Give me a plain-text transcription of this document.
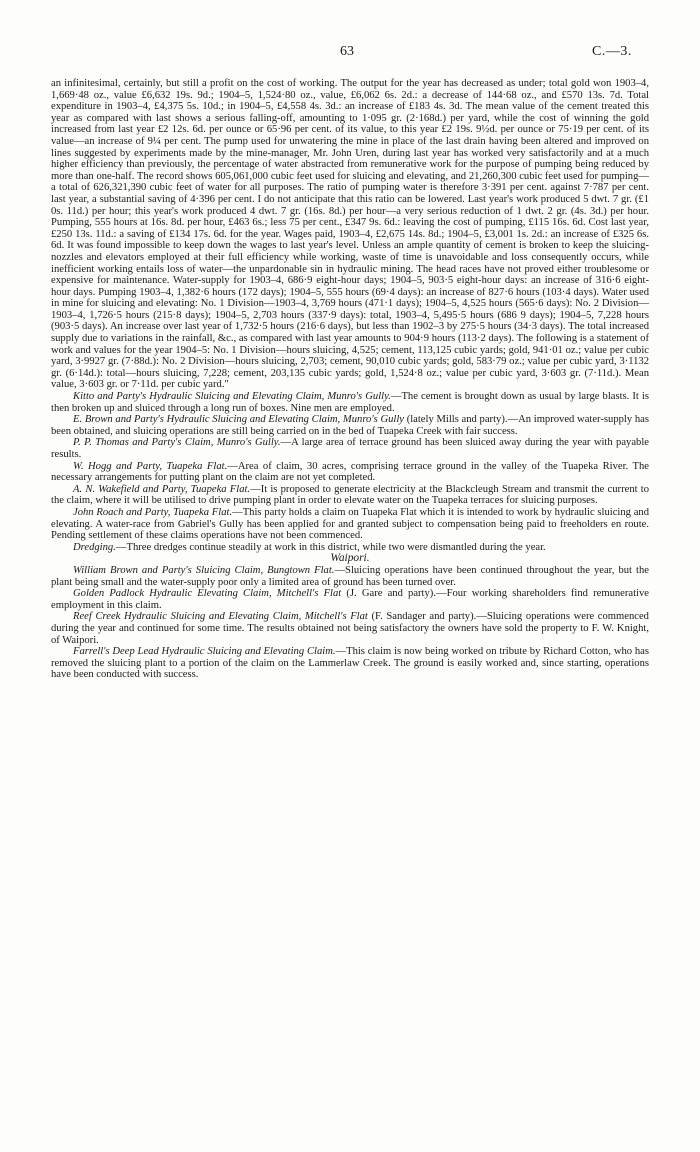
63	C.—3.

an infinitesimal, certainly, but still a profit on the cost of working. The output for the year has decreased as under; total gold won 1903–4, 1,669·48 oz., value £6,632 19s. 9d.; 1904–5, 1,524·80 oz., value, £6,062 6s. 2d.: a decrease of 144·68 oz., and £570 13s. 7d. Total expenditure in 1903–4, £4,375 5s. 10d.; in 1904–5, £4,558 4s. 3d.: an increase of £183 4s. 3d. The mean value of the cement treated this year as compared with last shows a serious falling-off, amounting to 1·095 gr. (2·168d.) per yard, while the cost of winning the gold increased from last year £2 12s. 6d. per ounce or 65·96 per cent. of its value, to this year £2 19s. 9½d. per ounce or 75·19 per cent. of its value—an increase of 9¼ per cent. The pump used for unwatering the mine in place of the last drain having been altered and improved on lines suggested by experiments made by the mine-manager, Mr. John Uren, during last year has worked very satisfactorily and at a much higher efficiency than previously, the percentage of water abstracted from remunerative work for the purpose of pumping being reduced by more than one-half. The record shows 605,061,000 cubic feet used for sluicing and elevating, and 21,260,300 cubic feet used for pumping—a total of 626,321,390 cubic feet of water for all purposes. The ratio of pumping water is therefore 3·391 per cent. against 7·787 per cent. last year, a substantial saving of 4·396 per cent. I do not anticipate that this ratio can be lowered. Last year's work produced 5 dwt. 7 gr. (£1 0s. 11d.) per hour; this year's work produced 4 dwt. 7 gr. (16s. 8d.) per hour—a very serious reduction of 1 dwt. 2 gr. (4s. 3d.) per hour. Pumping, 555 hours at 16s. 8d. per hour, £463 6s.; less 75 per cent., £347 9s. 6d.: leaving the cost of pumping, £115 16s. 6d. Cost last year, £250 13s. 11d.: a saving of £134 17s. 6d. for the year. Wages paid, 1903–4, £2,675 14s. 8d.; 1904–5, £3,001 1s. 2d.: an increase of £325 6s. 6d. It was found impossible to keep down the wages to last year's level. Unless an ample quantity of cement is broken to keep the sluicing-nozzles and elevators employed at their full efficiency while working, waste of time is unavoidable and loss consequently occurs, while inefficient working entails loss of water—the unpardonable sin in hydraulic mining. The head races have not proved either troublesome or expensive for maintenance. Water-supply for 1903–4, 686·9 eight-hour days; 1904–5, 903·5 eight-hour days: an increase of 316·6 eight-hour days. Pumping 1903–4, 1,382·6 hours (172 days); 1904–5, 555 hours (69·4 days): an increase of 827·6 hours (103·4 days). Water used in mine for sluicing and elevating: No. 1 Division—1903–4, 3,769 hours (471·1 days); 1904–5, 4,525 hours (565·6 days): No. 2 Division—1903–4, 1,726·5 hours (215·8 days); 1904–5, 2,703 hours (337·9 days): total, 1903–4, 5,495·5 hours (686 9 days); 1904–5, 7,228 hours (903·5 days). An increase over last year of 1,732·5 hours (216·6 days), but less than 1902–3 by 275·5 hours (34·3 days). The total increased supply due to variations in the rainfall, &c., as compared with last year amounts to 904·9 hours (113·2 days). The following is a statement of work and values for the year 1904–5: No. 1 Division—hours sluicing, 4,525; cement, 113,125 cubic yards; gold, 941·01 oz.; value per cubic yard, 3·9927 gr. (7·88d.): No. 2 Division—hours sluicing, 2,703; cement, 90,010 cubic yards; gold, 583·79 oz.; value per cubic yard, 3·1132 gr. (6·14d.): total—hours sluicing, 7,228; cement, 203,135 cubic yards; gold, 1,524·8 oz.; value per cubic yard, 3·603 gr. (7·11d.). Mean value, 3·603 gr. or 7·11d. per cubic yard."

Kitto and Party's Hydraulic Sluicing and Elevating Claim, Munro's Gully.—The cement is brought down as usual by large blasts. It is then broken up and sluiced through a long run of boxes. Nine men are employed.

E. Brown and Party's Hydraulic Sluicing and Elevating Claim, Munro's Gully (lately Mills and party).—An improved water-supply has been obtained, and sluicing operations are still being carried on in the bed of Tuapeka Creek with fair success.

P. P. Thomas and Party's Claim, Munro's Gully.—A large area of terrace ground has been sluiced away during the year with payable results.

W. Hogg and Party, Tuapeka Flat.—Area of claim, 30 acres, comprising terrace ground in the valley of the Tuapeka River. The necessary arrangements for putting plant on the claim are not yet completed.

A. N. Wakefield and Party, Tuapeka Flat.—It is proposed to generate electricity at the Blackcleugh Stream and transmit the current to the claim, where it will be utilised to drive pumping plant in order to elevate water on the Tuapeka terraces for sluicing purposes.

John Roach and Party, Tuapeka Flat.—This party holds a claim on Tuapeka Flat which it is intended to work by hydraulic sluicing and elevating. A water-race from Gabriel's Gully has been applied for and granted subject to compensation being paid to freeholders en route. Pending settlement of these claims operations have not been commenced.

Dredging.—Three dredges continue steadily at work in this district, while two were dismantled during the year.

Waipori.

William Brown and Party's Sluicing Claim, Bungtown Flat.—Sluicing operations have been continued throughout the year, but the plant being small and the water-supply poor only a limited area of ground has been turned over.

Golden Padlock Hydraulic Elevating Claim, Mitchell's Flat (J. Gare and party).—Four working shareholders find remunerative employment in this claim.

Reef Creek Hydraulic Sluicing and Elevating Claim, Mitchell's Flat (F. Sandager and party).—Sluicing operations were commenced during the year and continued for some time. The results obtained not being satisfactory the owners have sold the property to F. W. Knight, of Waipori.

Farrell's Deep Lead Hydraulic Sluicing and Elevating Claim.—This claim is now being worked on tribute by Richard Cotton, who has removed the sluicing plant to a portion of the claim on the Lammerlaw Creek. The ground is easily worked and, since starting, operations have been conducted with success.
